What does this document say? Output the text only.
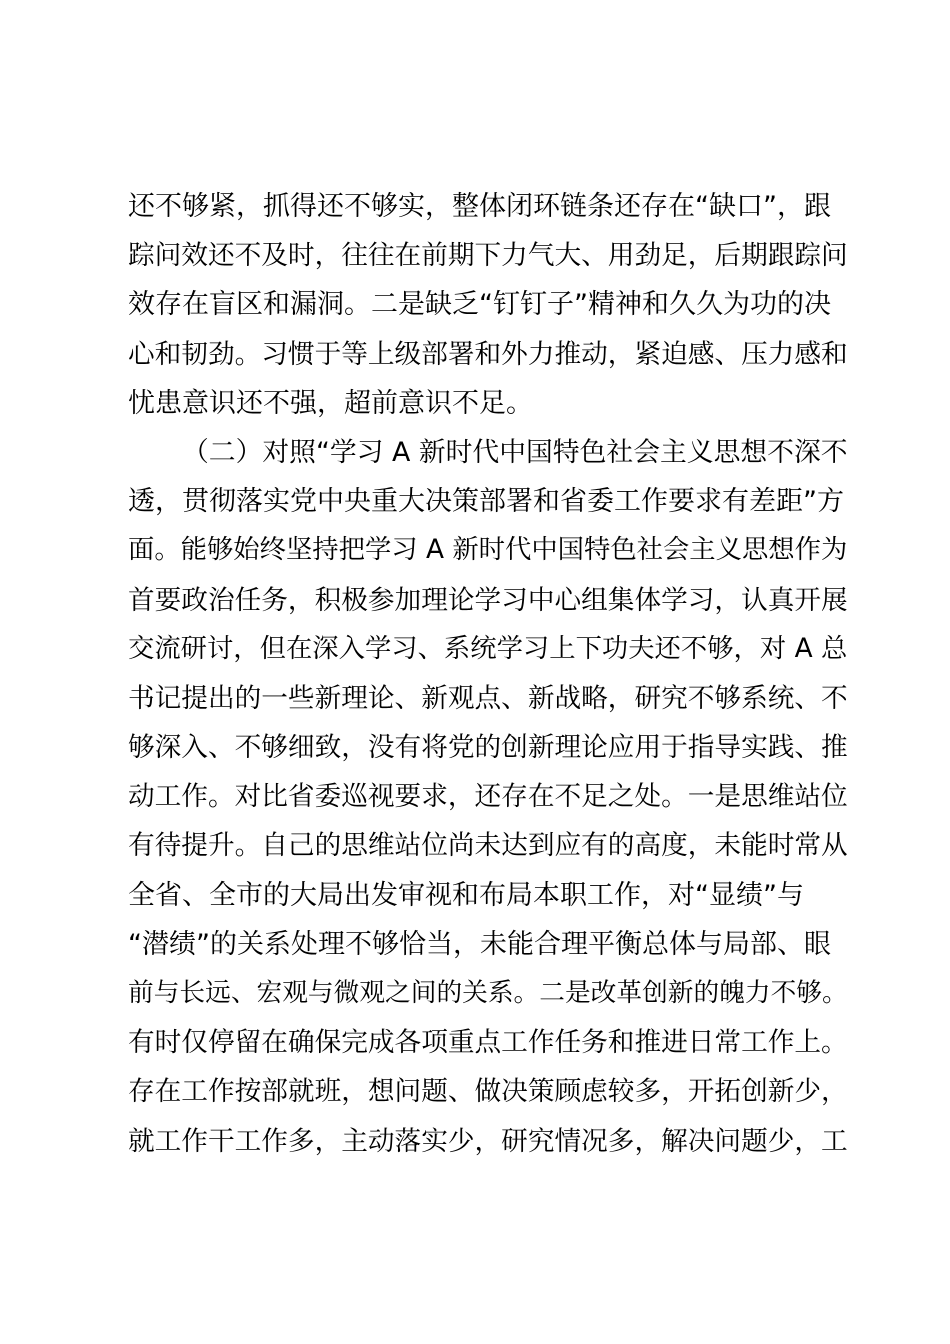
还不够紧，抓得还不够实，整体闭环链条还存在“缺口”，跟
踪问效还不及时，往往在前期下力气大、用劲足，后期跟踪问
效存在盲区和漏洞。二是缺乏“钉钉子”精神和久久为功的决
心和韧劲。习惯于等上级部署和外力推动，紧迫感、压力感和
忧患意识还不强，超前意识不足。
（二）对照“学习 A 新时代中国特色社会主义思想不深不
透，贯彻落实党中央重大决策部署和省委工作要求有差距”方
面。能够始终坚持把学习 A 新时代中国特色社会主义思想作为
首要政治任务，积极参加理论学习中心组集体学习，认真开展
交流研讨，但在深入学习、系统学习上下功夫还不够，对 A 总
书记提出的一些新理论、新观点、新战略，研究不够系统、不
够深入、不够细致，没有将党的创新理论应用于指导实践、推
动工作。对比省委巡视要求，还存在不足之处。一是思维站位
有待提升。自己的思维站位尚未达到应有的高度，未能时常从
全省、全市的大局出发审视和布局本职工作，对“显绩”与
“潜绩”的关系处理不够恰当，未能合理平衡总体与局部、眼
前与长远、宏观与微观之间的关系。二是改革创新的魄力不够。
有时仅停留在确保完成各项重点工作任务和推进日常工作上。
存在工作按部就班，想问题、做决策顾虑较多，开拓创新少，
就工作干工作多，主动落实少，研究情况多，解决问题少，工
